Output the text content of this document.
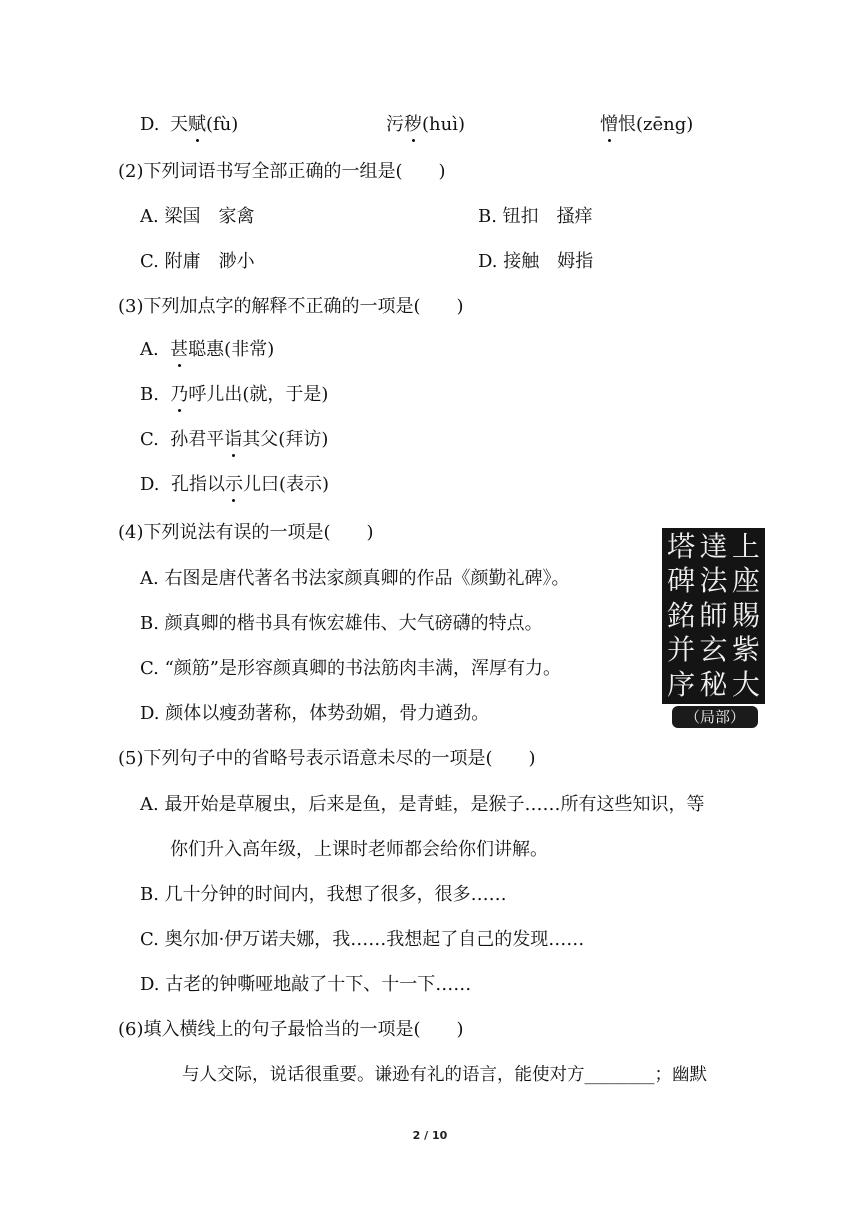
D. 天赋(fù)	污秽(huì)	憎恨(zēng)
(2)下列词语书写全部正确的一组是(　　)
A. 梁国　家禽	B. 钮扣　搔痒
C. 附庸　渺小	D. 接触　姆指
(3)下列加点字的解释不正确的一项是(　　)
A.  甚聪惠(非常)
B.  乃呼儿出(就，于是)
C.  孙君平诣其父(拜访)
D.  孔指以示儿曰(表示)
(4)下列说法有误的一项是(　　)
A. 右图是唐代著名书法家颜真卿的作品《颜勤礼碑》。
B. 颜真卿的楷书具有恢宏雄伟、大气磅礴的特点。
C. “颜筋”是形容颜真卿的书法筋肉丰满，浑厚有力。
D. 颜体以瘦劲著称，体势劲媚，骨力遒劲。
塔
碑
銘
并
序
達
法
師
玄
秘
上
座
賜
紫
大
（局部）
(5)下列句子中的省略号表示语意未尽的一项是(　　)
A. 最开始是草履虫，后来是鱼，是青蛙，是猴子……所有这些知识，等
你们升入高年级，上课时老师都会给你们讲解。
B. 几十分钟的时间内，我想了很多，很多……
C. 奥尔加·伊万诺夫娜，我……我想起了自己的发现……
D. 古老的钟嘶哑地敲了十下、十一下……
(6)填入横线上的句子最恰当的一项是(　　)
与人交际，说话很重要。谦逊有礼的语言，能使对方________；幽默
2 / 10
